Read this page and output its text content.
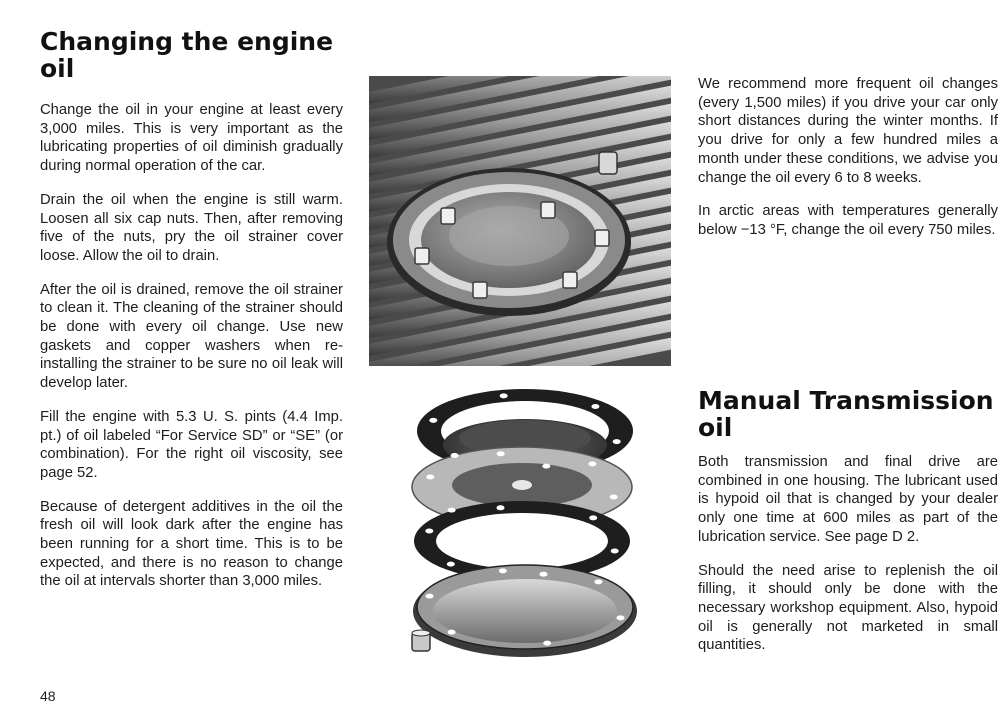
Changing the engine oil

Change the oil in your engine at least every 3,000 miles. This is very important as the lubricating properties of oil diminish gradually during normal operation of the car.

Drain the oil when the engine is still warm. Loosen all six cap nuts. Then, after removing five of the nuts, pry the oil strainer cover loose. Allow the oil to drain.

After the oil is drained, remove the oil strainer to clean it. The cleaning of the strainer should be done with every oil change. Use new gaskets and copper washers when re-installing the strainer to be sure no oil leak will develop later.

Fill the engine with 5.3 U. S. pints (4.4 Imp. pt.) of oil labeled “For Service SD” or “SE” (or combination). For the right oil viscosity, see page 52.

Because of detergent additives in the oil the fresh oil will look dark after the engine has been running for a short time. This is to be expected, and there is no reason to change the oil at intervals shorter than 3,000 miles.

48

We recommend more frequent oil changes (every 1,500 miles) if you drive your car only short distances during the winter months. If you drive for only a few hundred miles a month under these conditions, we advise you change the oil every 6 to 8 weeks.

In arctic areas with temperatures generally below −13 °F, change the oil every 750 miles.

Manual Transmission oil

Both transmission and final drive are combined in one housing. The lubricant used is hypoid oil that is changed by your dealer only one time at 600 miles as part of the lubrication service. See page D 2.

Should the need arise to replenish the oil filling, it should only be done with the necessary workshop equipment. Also, hypoid oil is generally not marketed in small quantities.
